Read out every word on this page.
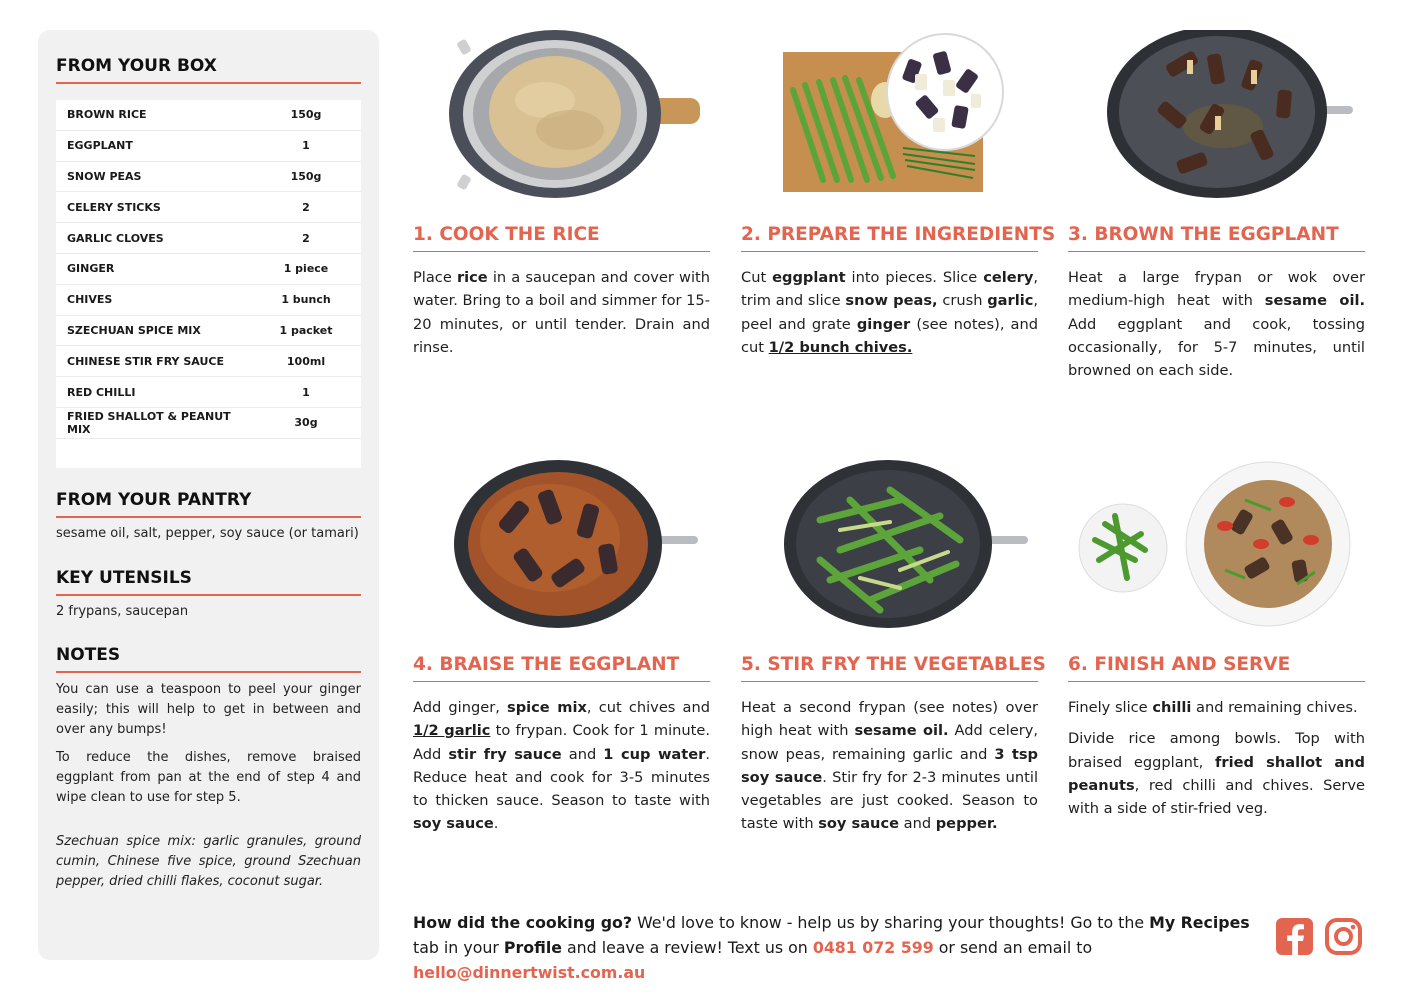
FROM YOUR BOX
BROWN RICE	150g
EGGPLANT	1
SNOW PEAS	150g
CELERY STICKS	2
GARLIC CLOVES	2
GINGER	1 piece
CHIVES	1 bunch
SZECHUAN SPICE MIX	1 packet
CHINESE STIR FRY SAUCE	100ml
RED CHILLI	1
FRIED SHALLOT & PEANUT MIX	30g
FROM YOUR PANTRY
sesame oil, salt, pepper, soy sauce (or tamari)
KEY UTENSILS
2 frypans, saucepan
NOTES

You can use a teaspoon to peel your ginger easily; this will help to get in between and over any bumps!

To reduce the dishes, remove braised eggplant from pan at the end of step 4 and wipe clean to use for step 5.

Szechuan spice mix: garlic granules, ground cumin, Chinese five spice, ground Szechuan pepper, dried chilli flakes, coconut sugar.

1. COOK THE RICE
Place rice in a saucepan and cover with water. Bring to a boil and simmer for 15-20 minutes, or until tender. Drain and rinse.
2. PREPARE THE INGREDIENTS
Cut eggplant into pieces. Slice celery, trim and slice snow peas, crush garlic, peel and grate ginger (see notes), and cut 1/2 bunch chives.
3. BROWN THE EGGPLANT
Heat a large frypan or wok over medium-high heat with sesame oil. Add eggplant and cook, tossing occasionally, for 5-7 minutes, until browned on each side.
4. BRAISE THE EGGPLANT
Add ginger, spice mix, cut chives and 1/2 garlic to frypan. Cook for 1 minute. Add stir fry sauce and 1 cup water. Reduce heat and cook for 3-5 minutes to thicken sauce. Season to taste with soy sauce.
5. STIR FRY THE VEGETABLES
Heat a second frypan (see notes) over high heat with sesame oil. Add celery, snow peas, remaining garlic and 3 tsp soy sauce. Stir fry for 2-3 minutes until vegetables are just cooked. Season to taste with soy sauce and pepper.
6. FINISH AND SERVE

Finely slice chilli and remaining chives.

Divide rice among bowls. Top with braised eggplant, fried shallot and peanuts, red chilli and chives. Serve with a side of stir-fried veg.

How did the cooking go? We'd love to know - help us by sharing your thoughts! Go to the My Recipes tab in your Profile and leave a review! Text us on 0481 072 599 or send an email to hello@dinnertwist.com.au
